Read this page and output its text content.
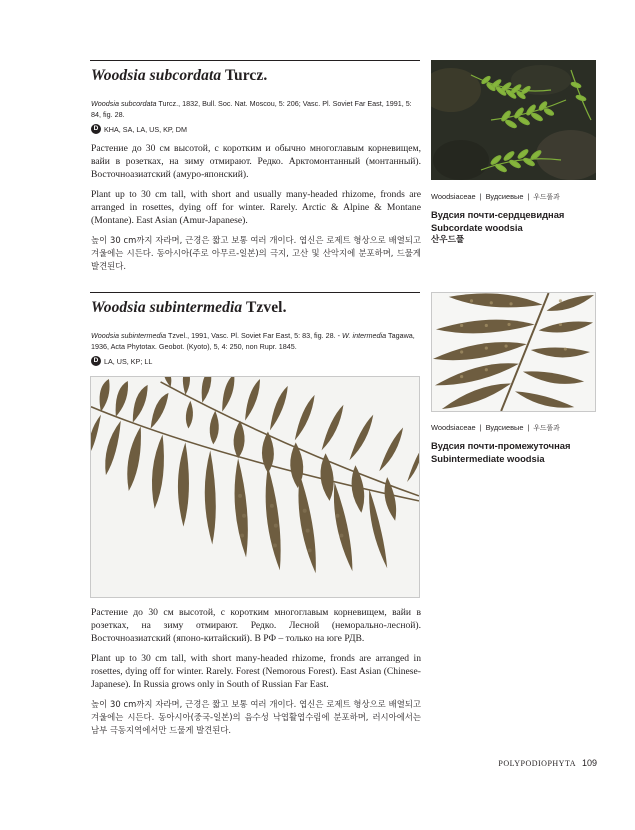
Woodsia subcordata Turcz.
Woodsia subcordata Turcz., 1832, Bull. Soc. Nat. Moscou, 5: 206; Vasc. Pl. Soviet Far East, 1991, 5: 84, fig. 28.
D KHA, SA, LA, US, KP, DM

Растение до 30 см высотой, с коротким и обычно многоглавым корневищем, вайи в розетках, на зиму отмирают. Редко. Арктомонтанный (монтанный). Восточноазиатский (амуро-японский).

Plant up to 30 cm tall, with short and usually many-headed rhizome, fronds are arranged in rosettes, dying off for winter. Rarely. Arctic & Alpine & Montane (Montane). East Asian (Amur-Japanese).

높이 30 cm까지 자라며, 근경은 짧고 보통 여러 개이다. 엽신은 로제트 형상으로 배열되고 겨울에는 시든다. 동아시아(주로 아무르-일본)의 극지, 고산 및 산악지에 분포하며, 드물게 발견된다.

Woodsiaceae | Вудсиевые | 우드풀과
Вудсия почти-сердцевидная
Subcordate woodsia
산우드풀
Woodsia subintermedia Tzvel.
Woodsia subintermedia Tzvel., 1991, Vasc. Pl. Soviet Far East, 5: 83, fig. 28. - W. intermedia Tagawa, 1936, Acta Phytotax. Geobot. (Kyoto), 5, 4: 250, non Rupr. 1845.
D LA, US, KP; LL

Растение до 30 см высотой, с коротким многоглавым корневищем, вайи в розетках, на зиму отмирают. Редко. Лесной (неморально-лесной). Восточноазиатский (японо-китайский). В РФ – только на юге РДВ.

Plant up to 30 cm tall, with short many-headed rhizome, fronds are arranged in rosettes, dying off for winter. Rarely. Forest (Nemorous Forest). East Asian (Chinese-Japanese). In Russia grows only in South of Russian Far East.

높이 30 cm까지 자라며, 근경은 짧고 보통 여러 개이다. 엽신은 로제트 형상으로 배열되고 겨울에는 시든다. 동아시아(중국-일본)의 음수성 낙엽활엽수림에 분포하며, 러시아에서는 남부 극동지역에서만 드물게 발견된다.

Woodsiaceae | Вудсиевые | 우드풀과
Вудсия почти-промежуточная
Subintermediate woodsia
POLYPODIOPHYTA 109
